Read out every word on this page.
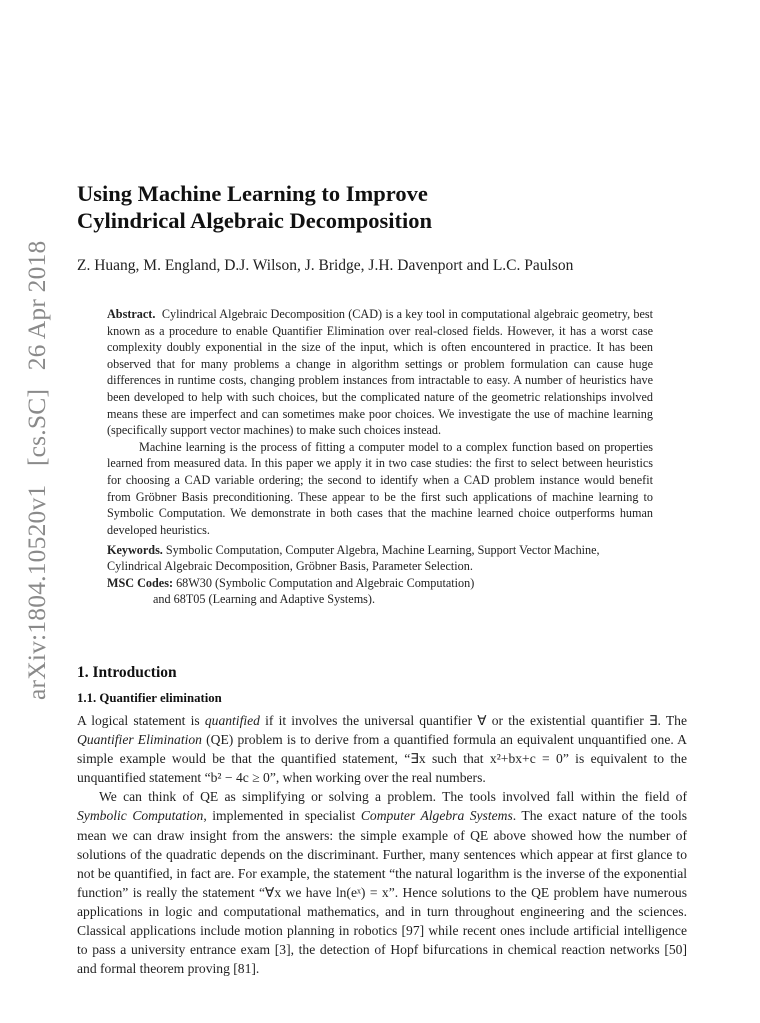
arXiv:1804.10520v1 [cs.SC] 26 Apr 2018
Using Machine Learning to Improve
Cylindrical Algebraic Decomposition
Z. Huang, M. England, D.J. Wilson, J. Bridge, J.H. Davenport and L.C. Paulson

Abstract. Cylindrical Algebraic Decomposition (CAD) is a key tool in computational algebraic geometry, best known as a procedure to enable Quantifier Elimination over real-closed fields. However, it has a worst case complexity doubly exponential in the size of the input, which is often encountered in practice. It has been observed that for many problems a change in algorithm settings or problem formulation can cause huge differences in runtime costs, changing problem instances from intractable to easy. A number of heuristics have been developed to help with such choices, but the complicated nature of the geometric relationships involved means these are imperfect and can sometimes make poor choices. We investigate the use of machine learning (specifically support vector machines) to make such choices instead.

Machine learning is the process of fitting a computer model to a complex function based on properties learned from measured data. In this paper we apply it in two case studies: the first to select between heuristics for choosing a CAD variable ordering; the second to identify when a CAD problem instance would benefit from Gröbner Basis preconditioning. These appear to be the first such applications of machine learning to Symbolic Computation. We demonstrate in both cases that the machine learned choice outperforms human developed heuristics.

Keywords. Symbolic Computation, Computer Algebra, Machine Learning, Support Vector Machine, Cylindrical Algebraic Decomposition, Gröbner Basis, Parameter Selection.

MSC Codes: 68W30 (Symbolic Computation and Algebraic Computation)

and 68T05 (Learning and Adaptive Systems).

1. Introduction
1.1. Quantifier elimination

A logical statement is quantified if it involves the universal quantifier ∀ or the existential quantifier ∃. The Quantifier Elimination (QE) problem is to derive from a quantified formula an equivalent unquantified one. A simple example would be that the quantified statement, “∃x such that x²+bx+c = 0” is equivalent to the unquantified statement “b² − 4c ≥ 0”, when working over the real numbers.

We can think of QE as simplifying or solving a problem. The tools involved fall within the field of Symbolic Computation, implemented in specialist Computer Algebra Systems. The exact nature of the tools mean we can draw insight from the answers: the simple example of QE above showed how the number of solutions of the quadratic depends on the discriminant. Further, many sentences which appear at first glance to not be quantified, in fact are. For example, the statement “the natural logarithm is the inverse of the exponential function” is really the statement “∀x we have ln(eˣ) = x”. Hence solutions to the QE problem have numerous applications in logic and computational mathematics, and in turn throughout engineering and the sciences. Classical applications include motion planning in robotics [97] while recent ones include artificial intelligence to pass a university entrance exam [3], the detection of Hopf bifurcations in chemical reaction networks [50] and formal theorem proving [81].
